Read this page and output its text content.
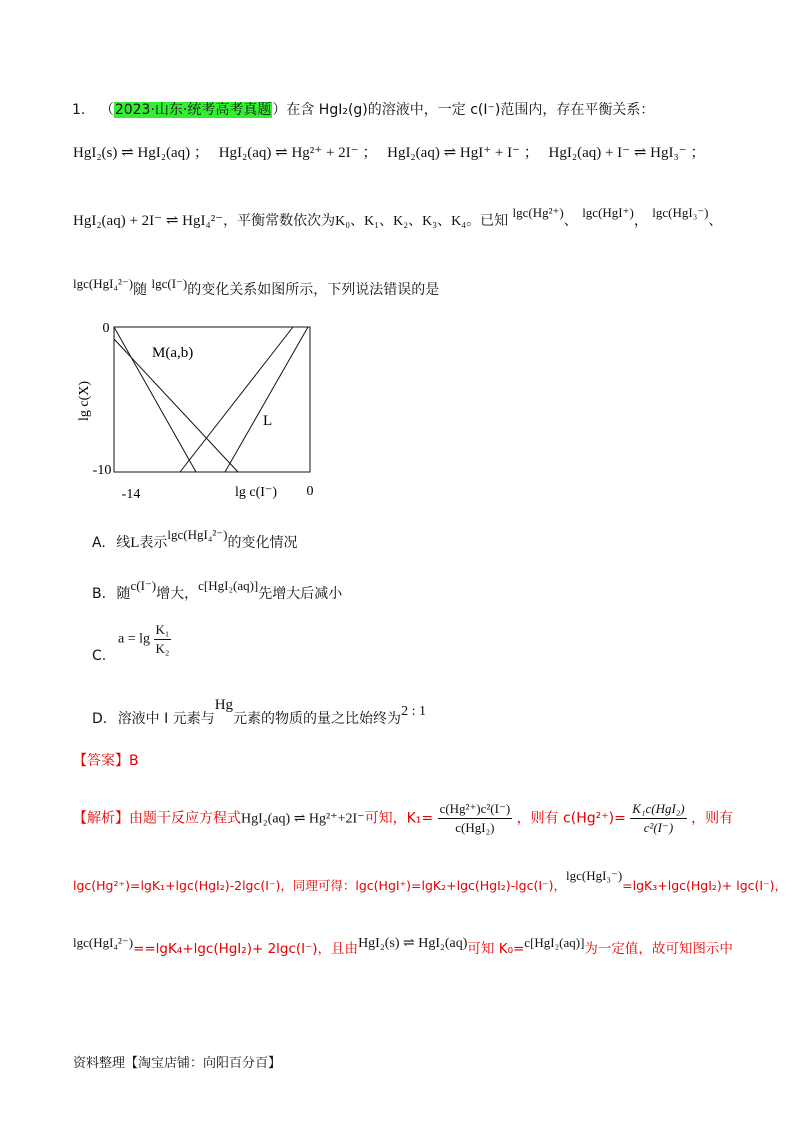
1. （2023·山东·统考高考真题）在含 HgI₂(g)的溶液中，一定 c(I⁻)范围内，存在平衡关系：
HgI₂(s) ⇌ HgI₂(aq) ； HgI₂(aq) ⇌ Hg²⁺ + 2I⁻ ； HgI₂(aq) ⇌ HgI⁺ + I⁻ ； HgI₂(aq) + I⁻ ⇌ HgI₃⁻ ；
HgI₂(aq) + 2I⁻ ⇌ HgI₄²⁻，平衡常数依次为K₀、K₁、K₂、K₃、K₄。已知 lgc(Hg²⁺)、 lgc(HgI⁺)， lgc(HgI₃⁻)、
lgc(HgI₄²⁻)随 lgc(I⁻)的变化关系如图所示，下列说法错误的是
0
-10
-14	0
lg c(I⁻)
lg c(X)
M(a,b)
L
A. 线L表示lgc(HgI₄²⁻)的变化情况
B. 随c(I⁻)增大，c[HgI₂(aq)]先增大后减小
$a = \lg \frac{\text{K₁}}{\text{K₂}}$
C.
D. 溶液中 I 元素与Hg元素的物质的量之比始终为2 : 1
【答案】B
【解析】由题干反应方程式HgI₂(aq) ⇌ Hg²⁺+2I⁻可知，$K_1= \frac{\text{c(Hg²⁺)c²(I⁻)}}{\text{c(HgI₂)}}$ ，则有 $c(Hg^{2+})= \frac{\text{K₁c(HgI₂)}}{\text{c²(I⁻)}}$ ，则有
lgc(Hg²⁺)=lgK₁+lgc(HgI₂)-2lgc(I⁻)，同理可得：lgc(HgI⁺)=lgK₂+lgc(HgI₂)-lgc(I⁻)，lgc(HgI₃⁻)=lgK₃+lgc(HgI₂)+ lgc(I⁻)，
lgc(HgI₄²⁻)==lgK₄+lgc(HgI₂)+ 2lgc(I⁻)，且由HgI₂(s) ⇌ HgI₂(aq)可知 K₀=c[HgI₂(aq)]为一定值，故可知图示中
资料整理【淘宝店铺：向阳百分百】
